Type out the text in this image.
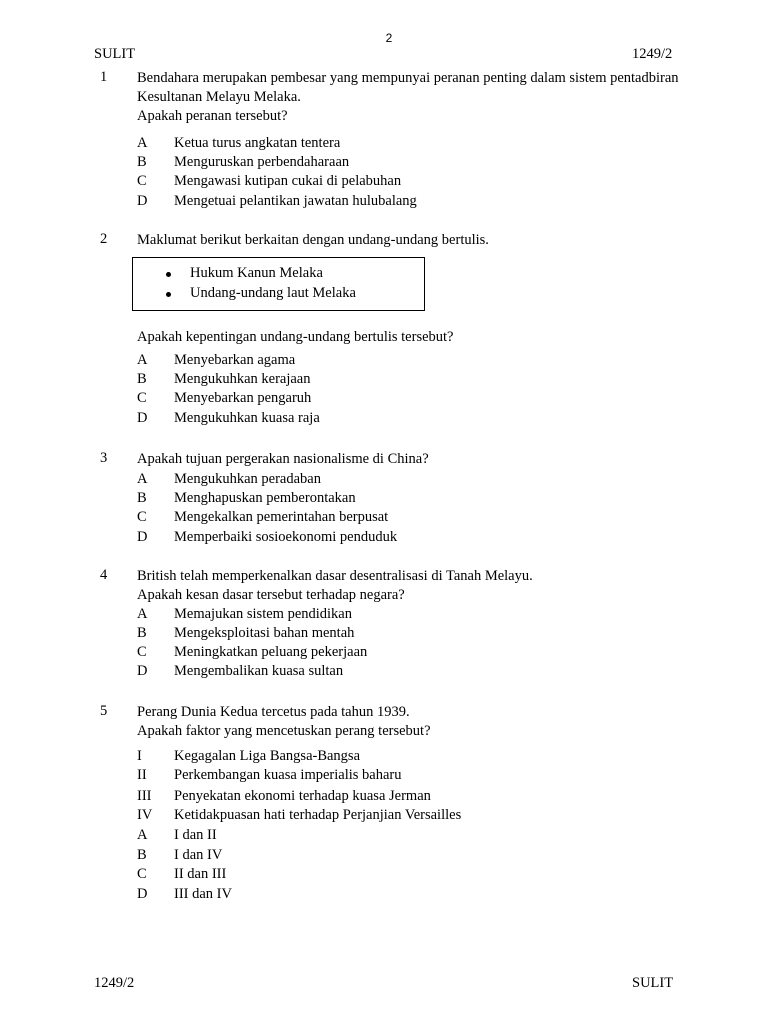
2
SULIT	1249/2
1249/2	SULIT
1 Bendahara merupakan pembesar yang mempunyai peranan penting dalam sistem pentadbiran
Kesultanan Melayu Melaka.
Apakah peranan tersebut?
A Ketua turus angkatan tentera
B Menguruskan perbendaharaan
C Mengawasi kutipan cukai di pelabuhan
D Mengetuai pelantikan jawatan hulubalang
2 Maklumat berikut berkaitan dengan undang-undang bertulis.
Hukum Kanun Melaka
Undang-undang laut Melaka
Apakah kepentingan undang-undang bertulis tersebut?
A Menyebarkan agama
B Mengukuhkan kerajaan
C Menyebarkan pengaruh
D Mengukuhkan kuasa raja
3 Apakah tujuan pergerakan nasionalisme di China?
A Mengukuhkan peradaban
B Menghapuskan pemberontakan
C Mengekalkan pemerintahan berpusat
D Memperbaiki sosioekonomi penduduk
4 British telah memperkenalkan dasar desentralisasi di Tanah Melayu.
Apakah kesan dasar tersebut terhadap negara?
A Memajukan sistem pendidikan
B Mengeksploitasi bahan mentah
C Meningkatkan peluang pekerjaan
D Mengembalikan kuasa sultan
5 Perang Dunia Kedua tercetus pada tahun 1939.
Apakah faktor yang mencetuskan perang tersebut?
I Kegagalan Liga Bangsa-Bangsa
II Perkembangan kuasa imperialis baharu
III Penyekatan ekonomi terhadap kuasa Jerman
IV Ketidakpuasan hati terhadap Perjanjian Versailles
A I dan II
B I dan IV
C II dan III
D III dan IV
